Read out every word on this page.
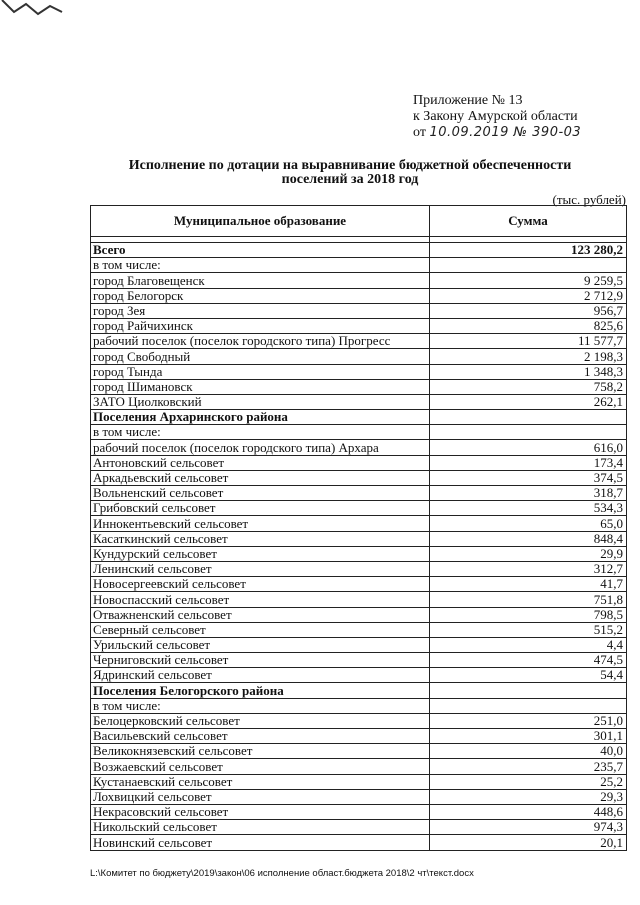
Приложение № 13
к Закону Амурской области
от 10.09.2019 № 390-03
Исполнение по дотации на выравнивание бюджетной обеспеченности
поселений за 2018 год
(тыс. рублей)
Муниципальное образование	Сумма

Всего	123 280,2
в том числе:	
город Благовещенск	9 259,5
город Белогорск	2 712,9
город Зея	956,7
город Райчихинск	825,6
рабочий поселок (поселок городского типа) Прогресс	11 577,7
город Свободный	2 198,3
город Тында	1 348,3
город Шимановск	758,2
ЗАТО Циолковский	262,1
Поселения Архаринского района	
в том числе:	
рабочий поселок (поселок городского типа) Архара	616,0
Антоновский сельсовет	173,4
Аркадьевский сельсовет	374,5
Вольненский сельсовет	318,7
Грибовский сельсовет	534,3
Иннокентьевский сельсовет	65,0
Касаткинский сельсовет	848,4
Кундурский сельсовет	29,9
Ленинский сельсовет	312,7
Новосергеевский сельсовет	41,7
Новоспасский сельсовет	751,8
Отважненский сельсовет	798,5
Северный сельсовет	515,2
Урильский сельсовет	4,4
Черниговский сельсовет	474,5
Ядринский сельсовет	54,4
Поселения Белогорского района	
в том числе:	
Белоцерковский сельсовет	251,0
Васильевский сельсовет	301,1
Великокнязевский сельсовет	40,0
Возжаевский сельсовет	235,7
Кустанаевский сельсовет	25,2
Лохвицкий сельсовет	29,3
Некрасовский сельсовет	448,6
Никольский сельсовет	974,3
Новинский сельсовет	20,1
L:\Комитет по бюджету\2019\закон\06 исполнение област.бюджета 2018\2 чт\текст.docx
